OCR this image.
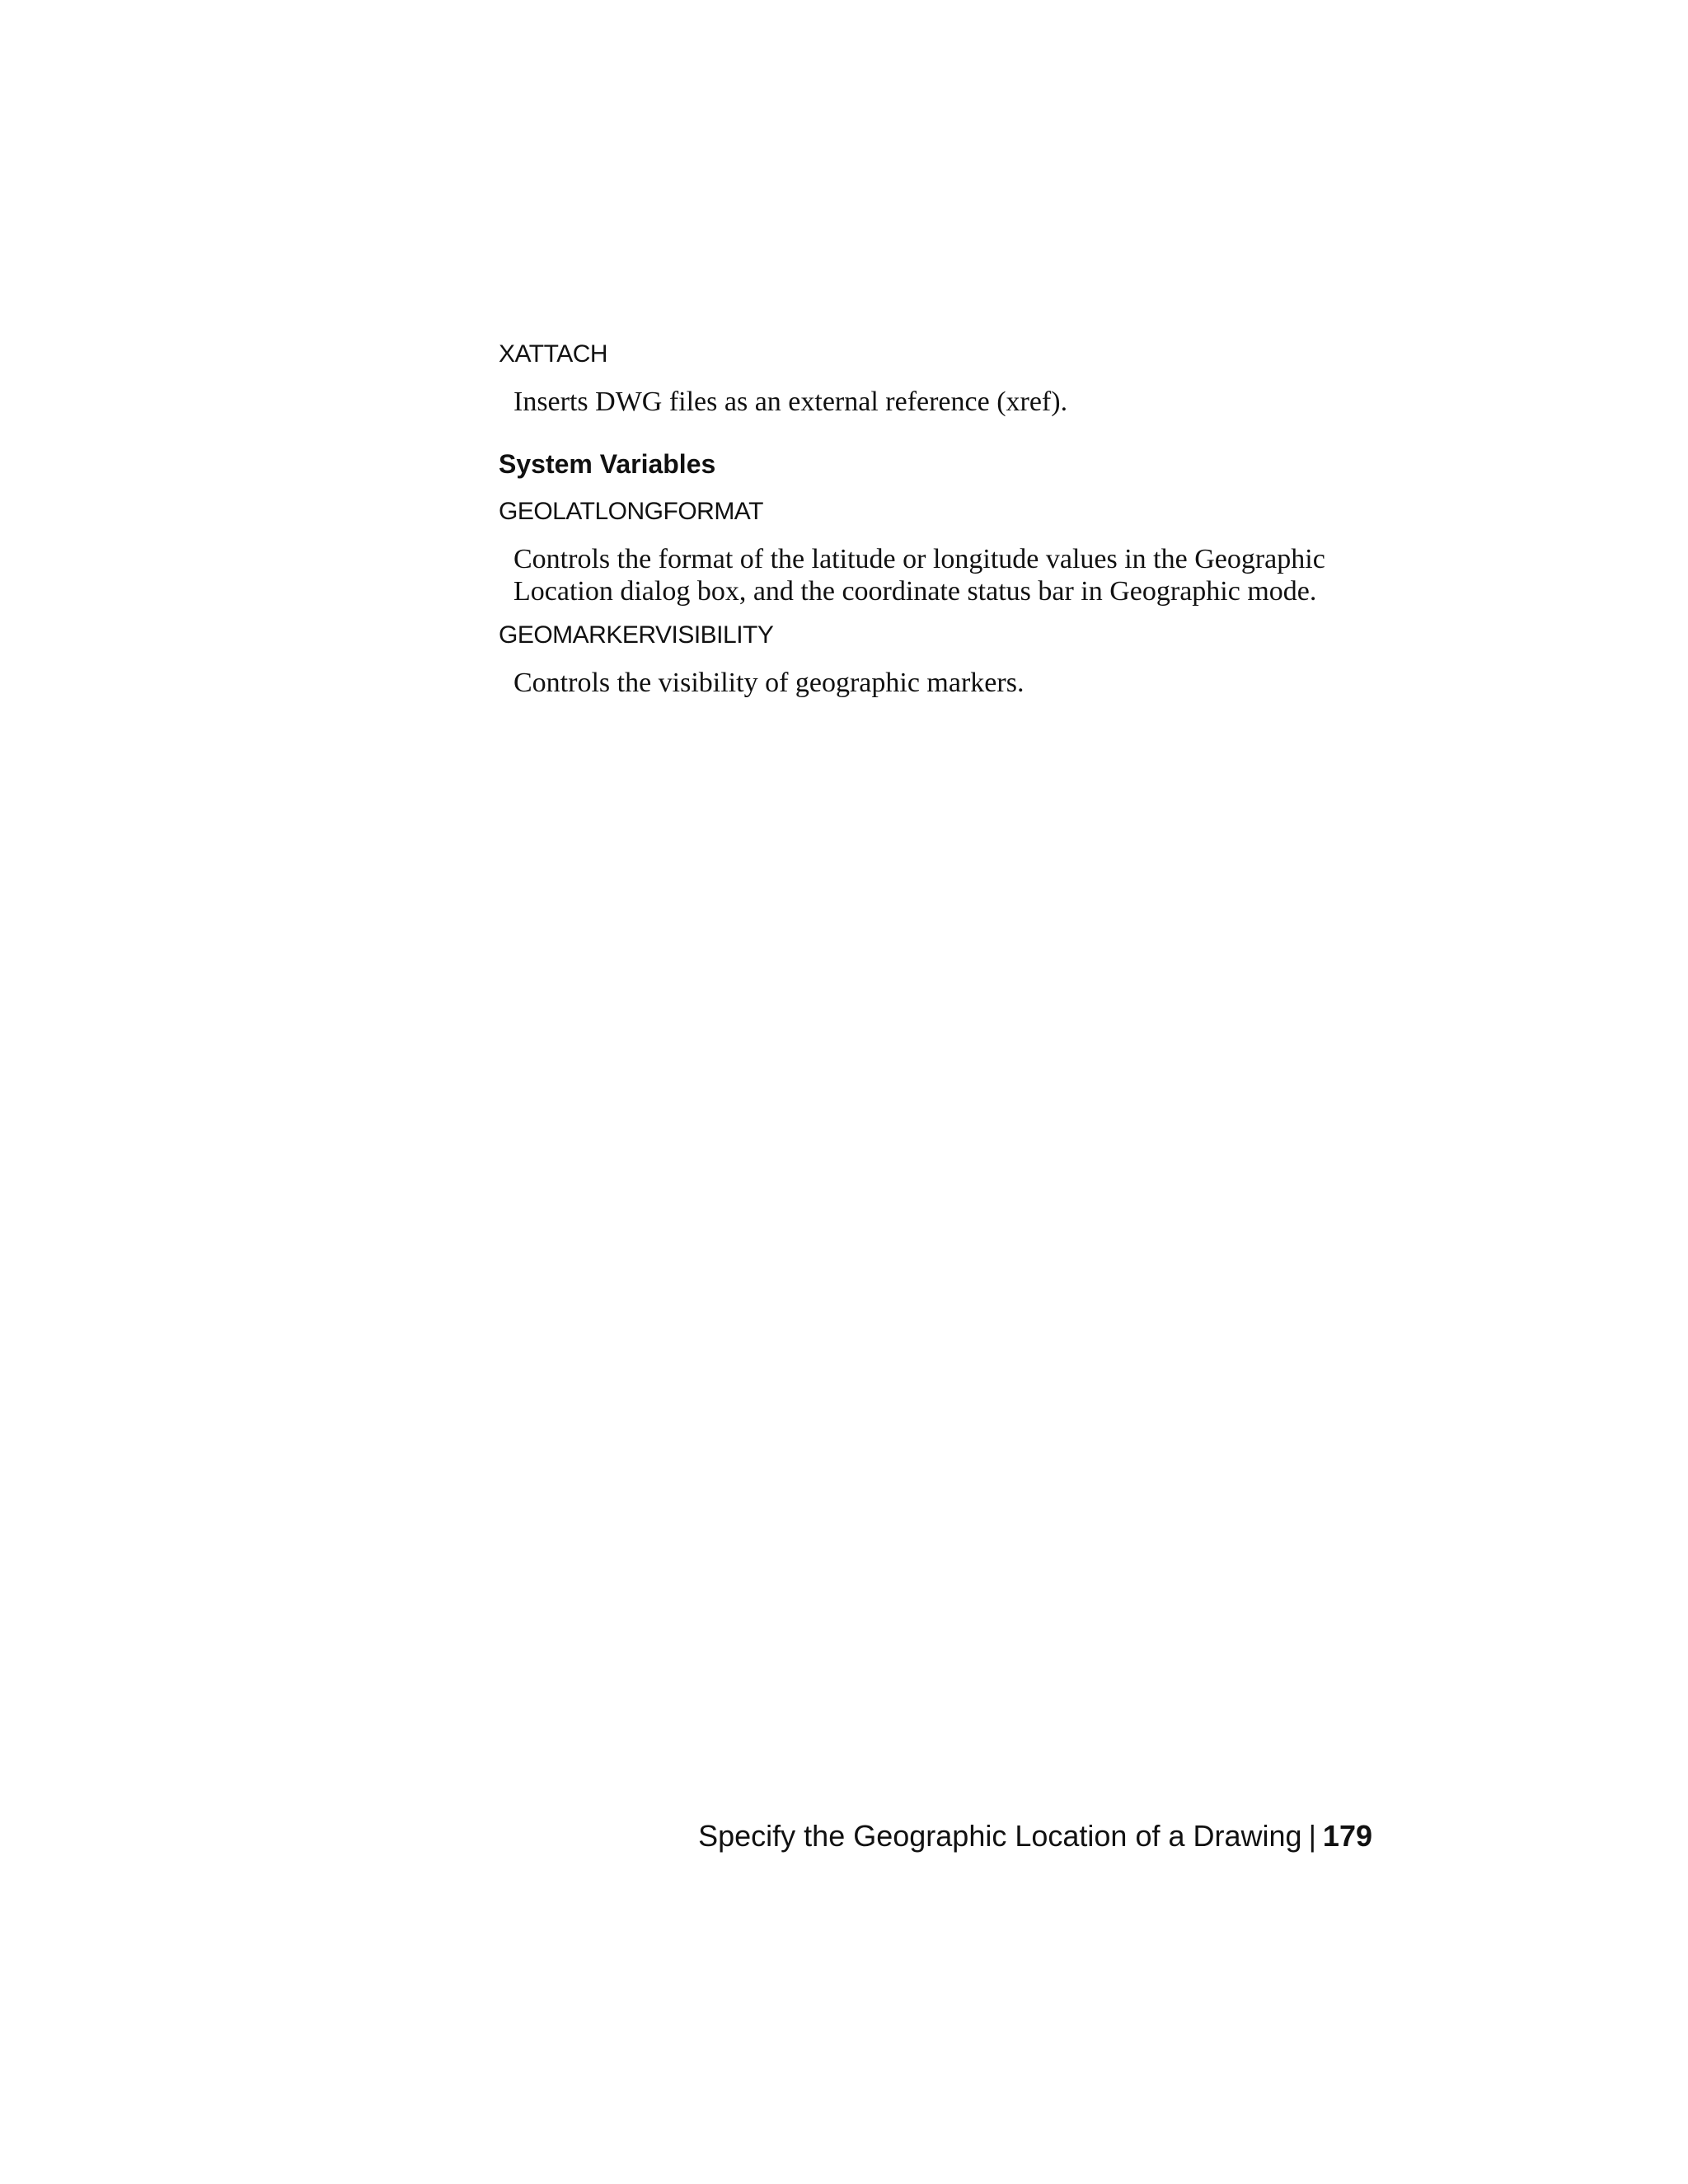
XATTACH

Inserts DWG files as an external reference (xref).

System Variables

GEOLATLONGFORMAT

Controls the format of the latitude or longitude values in the Geographic

Location dialog box, and the coordinate status bar in Geographic mode.

GEOMARKERVISIBILITY

Controls the visibility of geographic markers.

Specify the Geographic Location of a Drawing | 179
